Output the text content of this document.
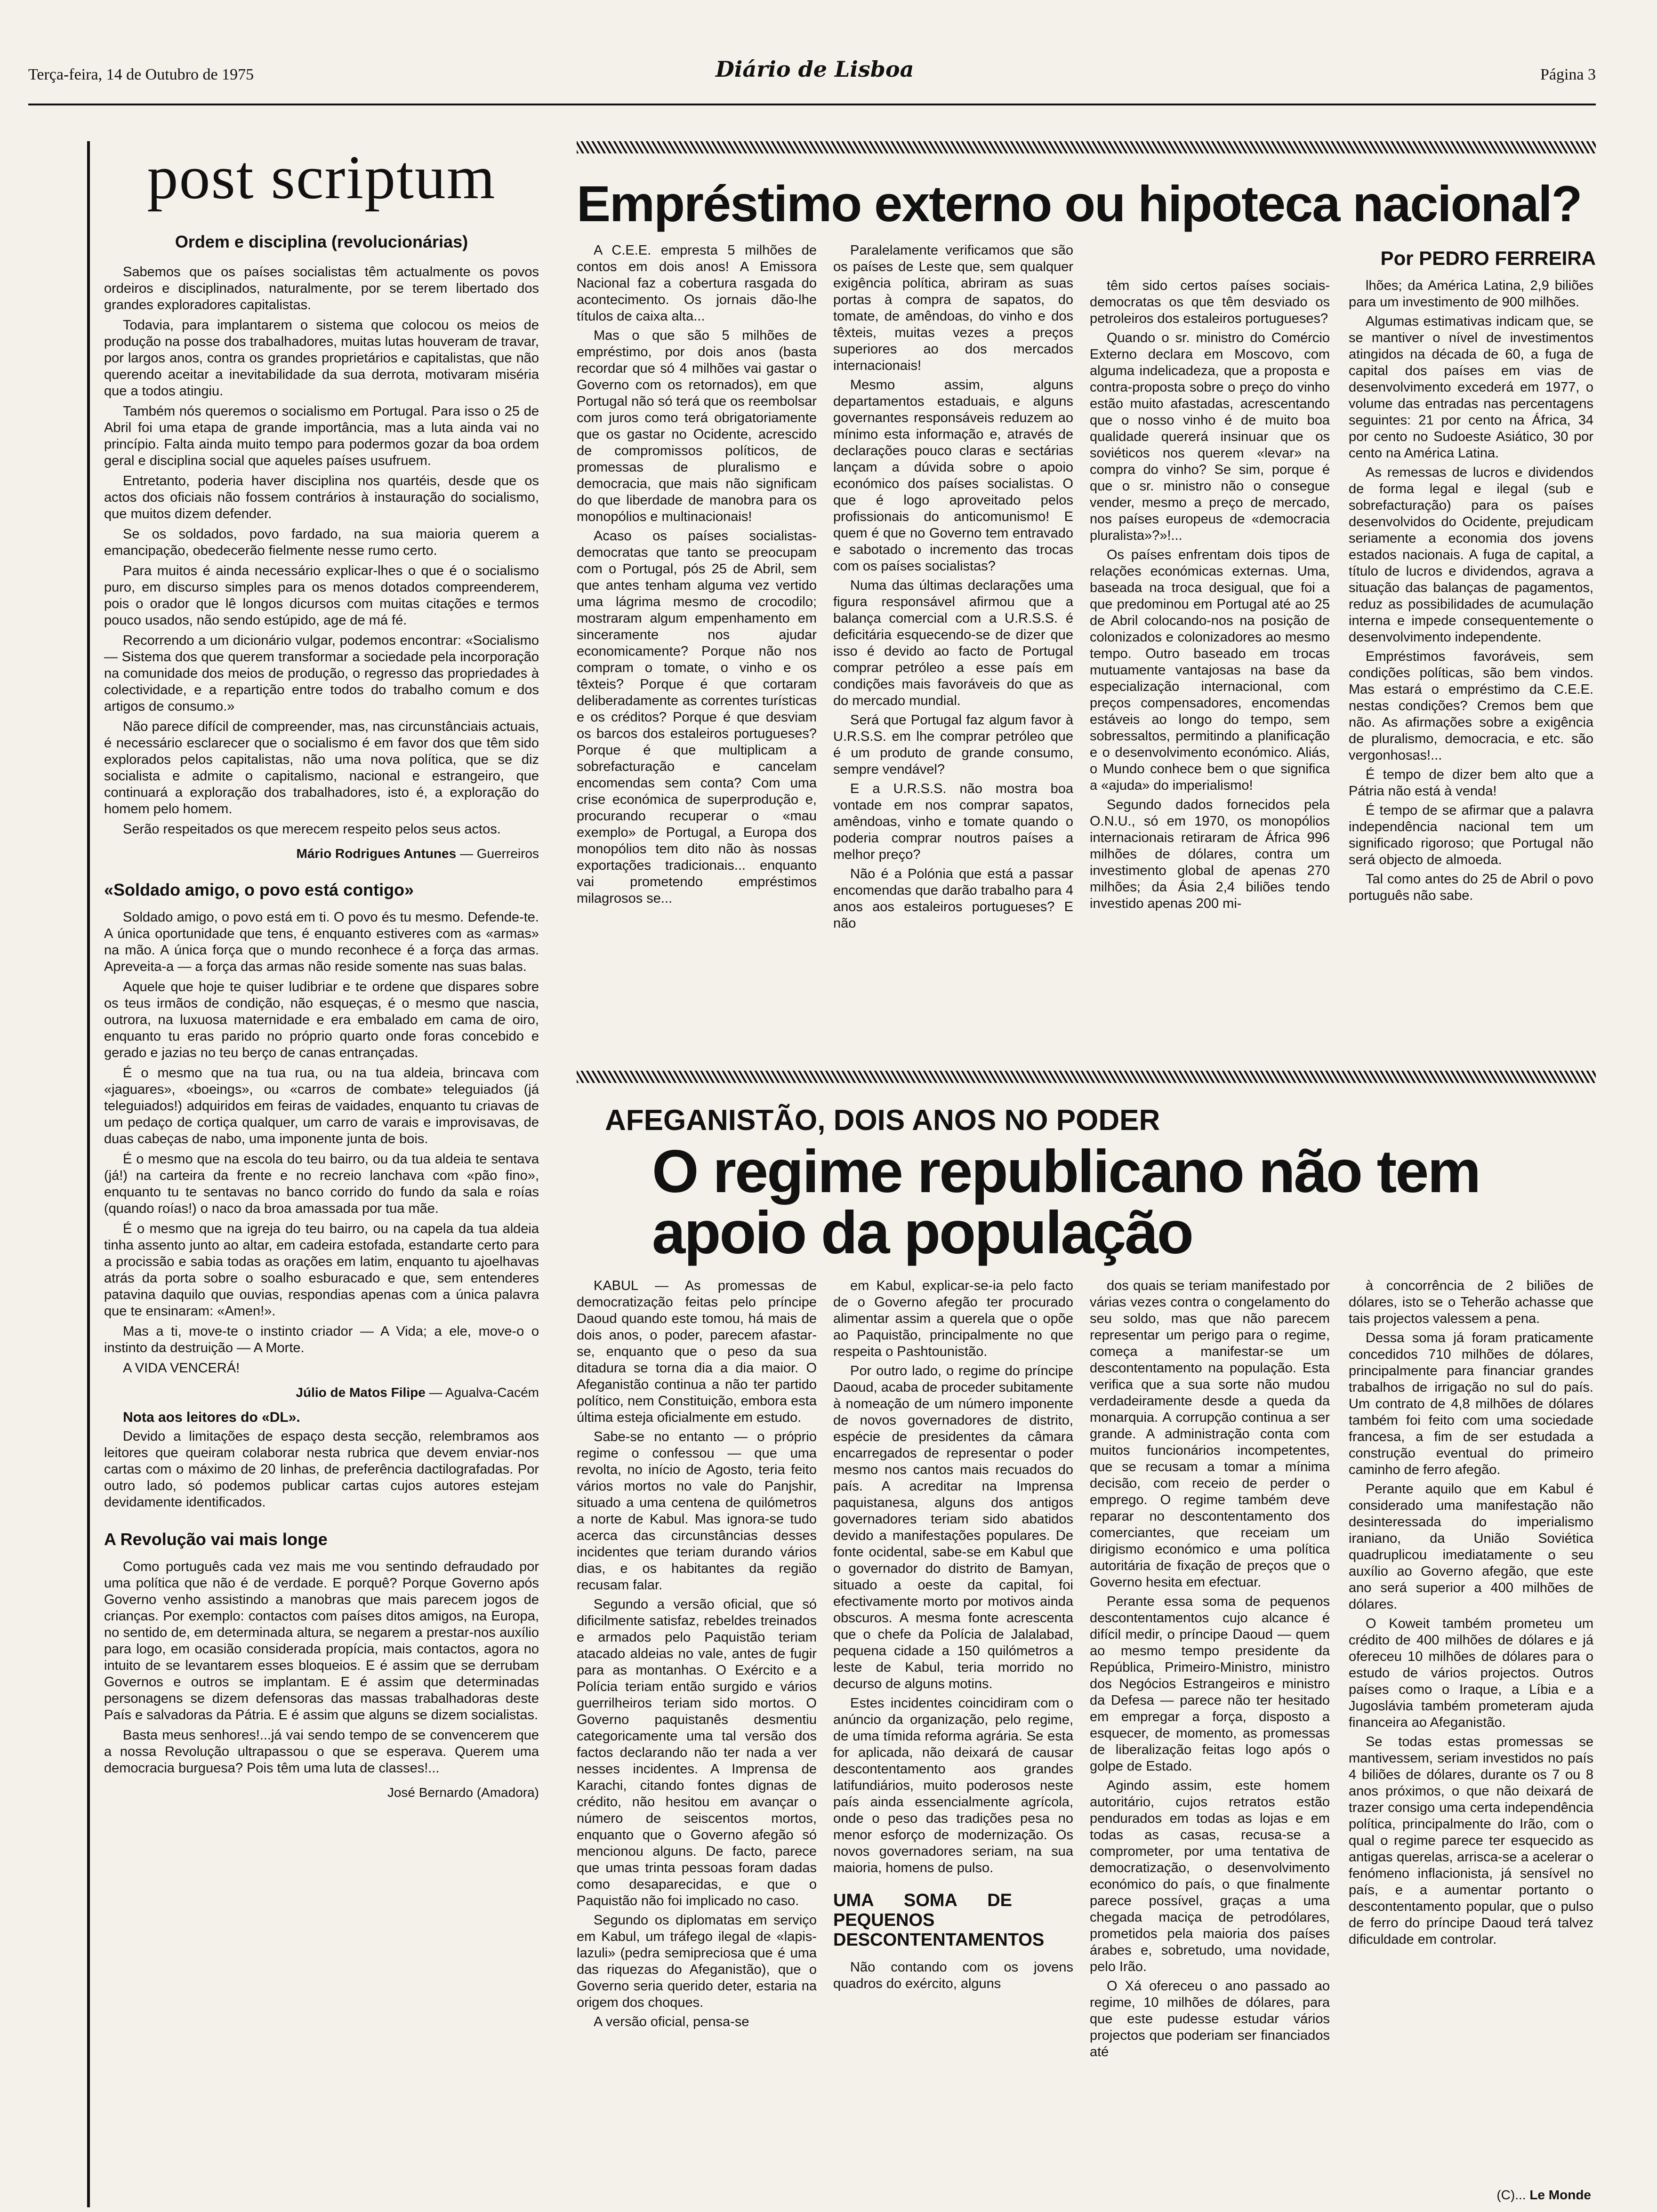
Terça-feira, 14 de Outubro de 1975	Diário de Lisboa	Página 3
post scriptum
Ordem e disciplina (revolucionárias)

Sabemos que os países socialistas têm actualmente os povos ordeiros e disciplinados, naturalmente, por se terem libertado dos grandes exploradores capitalistas.

Todavia, para implantarem o sistema que colocou os meios de produção na posse dos trabalhadores, muitas lutas houveram de travar, por largos anos, contra os grandes proprietários e capitalistas, que não querendo aceitar a inevitabilidade da sua derrota, motivaram miséria que a todos atingiu.

Também nós queremos o socialismo em Portugal. Para isso o 25 de Abril foi uma etapa de grande importância, mas a luta ainda vai no princípio. Falta ainda muito tempo para podermos gozar da boa ordem geral e disciplina social que aqueles países usufruem.

Entretanto, poderia haver disciplina nos quartéis, desde que os actos dos oficiais não fossem contrários à instauração do socialismo, que muitos dizem defender.

Se os soldados, povo fardado, na sua maioria querem a emancipação, obedecerão fielmente nesse rumo certo.

Para muitos é ainda necessário explicar-lhes o que é o socialismo puro, em discurso simples para os menos dotados compreenderem, pois o orador que lê longos dicursos com muitas citações e termos pouco usados, não sendo estúpido, age de má fé.

Recorrendo a um dicionário vulgar, podemos encontrar: «Socialismo — Sistema dos que querem transformar a sociedade pela incorporação na comunidade dos meios de produção, o regresso das propriedades à colectividade, e a repartição entre todos do trabalho comum e dos artigos de consumo.»

Não parece difícil de compreender, mas, nas circunstânciais actuais, é necessário esclarecer que o socialismo é em favor dos que têm sido explorados pelos capitalistas, não uma nova política, que se diz socialista e admite o capitalismo, nacional e estrangeiro, que continuará a exploração dos trabalhadores, isto é, a exploração do homem pelo homem.

Serão respeitados os que merecem respeito pelos seus actos.

Mário Rodrigues Antunes — Guerreiros
«Soldado amigo, o povo está contigo»

Soldado amigo, o povo está em ti. O povo és tu mesmo. Defende-te. A única oportunidade que tens, é enquanto estiveres com as «armas» na mão. A única força que o mundo reconhece é a força das armas. Apreveita-a — a força das armas não reside somente nas suas balas.

Aquele que hoje te quiser ludibriar e te ordene que dispares sobre os teus irmãos de condição, não esqueças, é o mesmo que nascia, outrora, na luxuosa maternidade e era embalado em cama de oiro, enquanto tu eras parido no próprio quarto onde foras concebido e gerado e jazias no teu berço de canas entrançadas.

É o mesmo que na tua rua, ou na tua aldeia, brincava com «jaguares», «boeings», ou «carros de combate» teleguiados (já teleguiados!) adquiridos em feiras de vaidades, enquanto tu criavas de um pedaço de cortiça qualquer, um carro de varais e improvisavas, de duas cabeças de nabo, uma imponente junta de bois.

É o mesmo que na escola do teu bairro, ou da tua aldeia te sentava (já!) na carteira da frente e no recreio lanchava com «pão fino», enquanto tu te sentavas no banco corrido do fundo da sala e roías (quando roías!) o naco da broa amassada por tua mãe.

É o mesmo que na igreja do teu bairro, ou na capela da tua aldeia tinha assento junto ao altar, em cadeira estofada, estandarte certo para a procissão e sabia todas as orações em latim, enquanto tu ajoelhavas atrás da porta sobre o soalho esburacado e que, sem entenderes patavina daquilo que ouvias, respondias apenas com a única palavra que te ensinaram: «Amen!».

Mas a ti, move-te o instinto criador — A Vida; a ele, move-o o instinto da destruição — A Morte.

A VIDA VENCERÁ!

Júlio de Matos Filipe — Agualva-Cacém
Nota aos leitores do «DL».

Devido a limitações de espaço desta secção, relembramos aos leitores que queiram colaborar nesta rubrica que devem enviar-nos cartas com o máximo de 20 linhas, de preferência dactilografadas. Por outro lado, só podemos publicar cartas cujos autores estejam devidamente identificados.

A Revolução vai mais longe

Como português cada vez mais me vou sentindo defraudado por uma política que não é de verdade. E porquê? Porque Governo após Governo venho assistindo a manobras que mais parecem jogos de crianças. Por exemplo: contactos com países ditos amigos, na Europa, no sentido de, em determinada altura, se negarem a prestar-nos auxílio para logo, em ocasião considerada propícia, mais contactos, agora no intuito de se levantarem esses bloqueios. E é assim que se derrubam Governos e outros se implantam. E é assim que determinadas personagens se dizem defensoras das massas trabalhadoras deste País e salvadoras da Pátria. E é assim que alguns se dizem socialistas.

Basta meus senhores!...já vai sendo tempo de se convencerem que a nossa Revolução ultrapassou o que se esperava. Querem uma democracia burguesa? Pois têm uma luta de classes!...

José Bernardo (Amadora)
Empréstimo externo ou hipoteca nacional?
Por PEDRO FERREIRA

A C.E.E. empresta 5 milhões de contos em dois anos! A Emissora Nacional faz a cobertura rasgada do acontecimento. Os jornais dão-lhe títulos de caixa alta...

Mas o que são 5 milhões de empréstimo, por dois anos (basta recordar que só 4 milhões vai gastar o Governo com os retornados), em que Portugal não só terá que os reembolsar com juros como terá obrigatoriamente que os gastar no Ocidente, acrescido de compromissos políticos, de promessas de pluralismo e democracia, que mais não significam do que liberdade de manobra para os monopólios e multinacionais!

Acaso os países socialistas-democratas que tanto se preocupam com o Portugal, pós 25 de Abril, sem que antes tenham alguma vez vertido uma lágrima mesmo de crocodilo; mostraram algum empenhamento em sinceramente nos ajudar economicamente? Porque não nos compram o tomate, o vinho e os têxteis? Porque é que cortaram deliberadamente as correntes turísticas e os créditos? Porque é que desviam os barcos dos estaleiros portugueses? Porque é que multiplicam a sobrefacturação e cancelam encomendas sem conta? Com uma crise económica de superprodução e, procurando recuperar o «mau exemplo» de Portugal, a Europa dos monopólios tem dito não às nossas exportações tradicionais... enquanto vai prometendo empréstimos milagrosos se...

Paralelamente verificamos que são os países de Leste que, sem qualquer exigência política, abriram as suas portas à compra de sapatos, do tomate, de amêndoas, do vinho e dos têxteis, muitas vezes a preços superiores ao dos mercados internacionais!

Mesmo assim, alguns departamentos estaduais, e alguns governantes responsáveis reduzem ao mínimo esta informação e, através de declarações pouco claras e sectárias lançam a dúvida sobre o apoio económico dos países socialistas. O que é logo aproveitado pelos profissionais do anticomunismo! E quem é que no Governo tem entravado e sabotado o incremento das trocas com os países socialistas?

Numa das últimas declarações uma figura responsável afirmou que a balança comercial com a U.R.S.S. é deficitária esquecendo-se de dizer que isso é devido ao facto de Portugal comprar petróleo a esse país em condições mais favoráveis do que as do mercado mundial.

Será que Portugal faz algum favor à U.R.S.S. em lhe comprar petróleo que é um produto de grande consumo, sempre vendável?

E a U.R.S.S. não mostra boa vontade em nos comprar sapatos, amêndoas, vinho e tomate quando o poderia comprar noutros países a melhor preço?

Não é a Polónia que está a passar encomendas que darão trabalho para 4 anos aos estaleiros portugueses? E não

têm sido certos países sociais-democratas os que têm desviado os petroleiros dos estaleiros portugueses?

Quando o sr. ministro do Comércio Externo declara em Moscovo, com alguma indelicadeza, que a proposta e contra-proposta sobre o preço do vinho estão muito afastadas, acrescentando que o nosso vinho é de muito boa qualidade quererá insinuar que os soviéticos nos querem «levar» na compra do vinho? Se sim, porque é que o sr. ministro não o consegue vender, mesmo a preço de mercado, nos países europeus de «democracia pluralista»?»!...

Os países enfrentam dois tipos de relações económicas externas. Uma, baseada na troca desigual, que foi a que predominou em Portugal até ao 25 de Abril colocando-nos na posição de colonizados e colonizadores ao mesmo tempo. Outro baseado em trocas mutuamente vantajosas na base da especialização internacional, com preços compensadores, encomendas estáveis ao longo do tempo, sem sobressaltos, permitindo a planificação e o desenvolvimento económico. Aliás, o Mundo conhece bem o que significa a «ajuda» do imperialismo!

Segundo dados fornecidos pela O.N.U., só em 1970, os monopólios internacionais retiraram de África 996 milhões de dólares, contra um investimento global de apenas 270 milhões; da Ásia 2,4 biliões tendo investido apenas 200 mi-

lhões; da América Latina, 2,9 biliões para um investimento de 900 milhões.

Algumas estimativas indicam que, se se mantiver o nível de investimentos atingidos na década de 60, a fuga de capital dos países em vias de desenvolvimento excederá em 1977, o volume das entradas nas percentagens seguintes: 21 por cento na África, 34 por cento no Sudoeste Asiático, 30 por cento na América Latina.

As remessas de lucros e dividendos de forma legal e ilegal (sub e sobrefacturação) para os países desenvolvidos do Ocidente, prejudicam seriamente a economia dos jovens estados nacionais. A fuga de capital, a título de lucros e dividendos, agrava a situação das balanças de pagamentos, reduz as possibilidades de acumulação interna e impede consequentemente o desenvolvimento independente.

Empréstimos favoráveis, sem condições políticas, são bem vindos. Mas estará o empréstimo da C.E.E. nestas condições? Cremos bem que não. As afirmações sobre a exigência de pluralismo, democracia, e etc. são vergonhosas!...

É tempo de dizer bem alto que a Pátria não está à venda!

É tempo de se afirmar que a palavra independência nacional tem um significado rigoroso; que Portugal não será objecto de almoeda.

Tal como antes do 25 de Abril o povo português não sabe.

AFEGANISTÃO, DOIS ANOS NO PODER
O regime republicano não tem
apoio da população

KABUL — As promessas de democratização feitas pelo príncipe Daoud quando este tomou, há mais de dois anos, o poder, parecem afastar-se, enquanto que o peso da sua ditadura se torna dia a dia maior. O Afeganistão continua a não ter partido político, nem Constituição, embora esta última esteja oficialmente em estudo.

Sabe-se no entanto — o próprio regime o confessou — que uma revolta, no início de Agosto, teria feito vários mortos no vale do Panjshir, situado a uma centena de quilómetros a norte de Kabul. Mas ignora-se tudo acerca das circunstâncias desses incidentes que teriam durando vários dias, e os habitantes da região recusam falar.

Segundo a versão oficial, que só dificilmente satisfaz, rebeldes treinados e armados pelo Paquistão teriam atacado aldeias no vale, antes de fugir para as montanhas. O Exército e a Polícia teriam então surgido e vários guerrilheiros teriam sido mortos. O Governo paquistanês desmentiu categoricamente uma tal versão dos factos declarando não ter nada a ver nesses incidentes. A Imprensa de Karachi, citando fontes dignas de crédito, não hesitou em avançar o número de seiscentos mortos, enquanto que o Governo afegão só mencionou alguns. De facto, parece que umas trinta pessoas foram dadas como desaparecidas, e que o Paquistão não foi implicado no caso.

Segundo os diplomatas em serviço em Kabul, um tráfego ilegal de «lapis-lazuli» (pedra semipreciosa que é uma das riquezas do Afeganistão), que o Governo seria querido deter, estaria na origem dos choques.

A versão oficial, pensa-se

em Kabul, explicar-se-ia pelo facto de o Governo afegão ter procurado alimentar assim a querela que o opõe ao Paquistão, principalmente no que respeita o Pashtounistão.

Por outro lado, o regime do príncipe Daoud, acaba de proceder subitamente à nomeação de um número imponente de novos governadores de distrito, espécie de presidentes da câmara encarregados de representar o poder mesmo nos cantos mais recuados do país. A acreditar na Imprensa paquistanesa, alguns dos antigos governadores teriam sido abatidos devido a manifestações populares. De fonte ocidental, sabe-se em Kabul que o governador do distrito de Bamyan, situado a oeste da capital, foi efectivamente morto por motivos ainda obscuros. A mesma fonte acrescenta que o chefe da Polícia de Jalalabad, pequena cidade a 150 quilómetros a leste de Kabul, teria morrido no decurso de alguns motins.

Estes incidentes coincidiram com o anúncio da organização, pelo regime, de uma tímida reforma agrária. Se esta for aplicada, não deixará de causar descontentamento aos grandes latifundiários, muito poderosos neste país ainda essencialmente agrícola, onde o peso das tradições pesa no menor esforço de modernização. Os novos governadores seriam, na sua maioria, homens de pulso.

UMA SOMA DE PEQUENOS DESCONTENTAMENTOS

Não contando com os jovens quadros do exército, alguns

dos quais se teriam manifestado por várias vezes contra o congelamento do seu soldo, mas que não parecem representar um perigo para o regime, começa a manifestar-se um descontentamento na população. Esta verifica que a sua sorte não mudou verdadeiramente desde a queda da monarquia. A corrupção continua a ser grande. A administração conta com muitos funcionários incompetentes, que se recusam a tomar a mínima decisão, com receio de perder o emprego. O regime também deve reparar no descontentamento dos comerciantes, que receiam um dirigismo económico e uma política autoritária de fixação de preços que o Governo hesita em efectuar.

Perante essa soma de pequenos descontentamentos cujo alcance é difícil medir, o príncipe Daoud — quem ao mesmo tempo presidente da República, Primeiro-Ministro, ministro dos Negócios Estrangeiros e ministro da Defesa — parece não ter hesitado em empregar a força, disposto a esquecer, de momento, as promessas de liberalização feitas logo após o golpe de Estado.

Agindo assim, este homem autoritário, cujos retratos estão pendurados em todas as lojas e em todas as casas, recusa-se a comprometer, por uma tentativa de democratização, o desenvolvimento económico do país, o que finalmente parece possível, graças a uma chegada maciça de petrodólares, prometidos pela maioria dos países árabes e, sobretudo, uma novidade, pelo Irão.

O Xá ofereceu o ano passado ao regime, 10 milhões de dólares, para que este pudesse estudar vários projectos que poderiam ser financiados até

à concorrência de 2 biliões de dólares, isto se o Teherão achasse que tais projectos valessem a pena.

Dessa soma já foram praticamente concedidos 710 milhões de dólares, principalmente para financiar grandes trabalhos de irrigação no sul do país. Um contrato de 4,8 milhões de dólares também foi feito com uma sociedade francesa, a fim de ser estudada a construção eventual do primeiro caminho de ferro afegão.

Perante aquilo que em Kabul é considerado uma manifestação não desinteressada do imperialismo iraniano, da União Soviética quadruplicou imediatamente o seu auxílio ao Governo afegão, que este ano será superior a 400 milhões de dólares.

O Koweit também prometeu um crédito de 400 milhões de dólares e já ofereceu 10 milhões de dólares para o estudo de vários projectos. Outros países como o Iraque, a Líbia e a Jugoslávia também prometeram ajuda financeira ao Afeganistão.

Se todas estas promessas se mantivessem, seriam investidos no país 4 biliões de dólares, durante os 7 ou 8 anos próximos, o que não deixará de trazer consigo uma certa independência política, principalmente do Irão, com o qual o regime parece ter esquecido as antigas querelas, arrisca-se a acelerar o fenómeno inflacionista, já sensível no país, e a aumentar portanto o descontentamento popular, que o pulso de ferro do príncipe Daoud terá talvez dificuldade em controlar.

(C)... Le Monde
